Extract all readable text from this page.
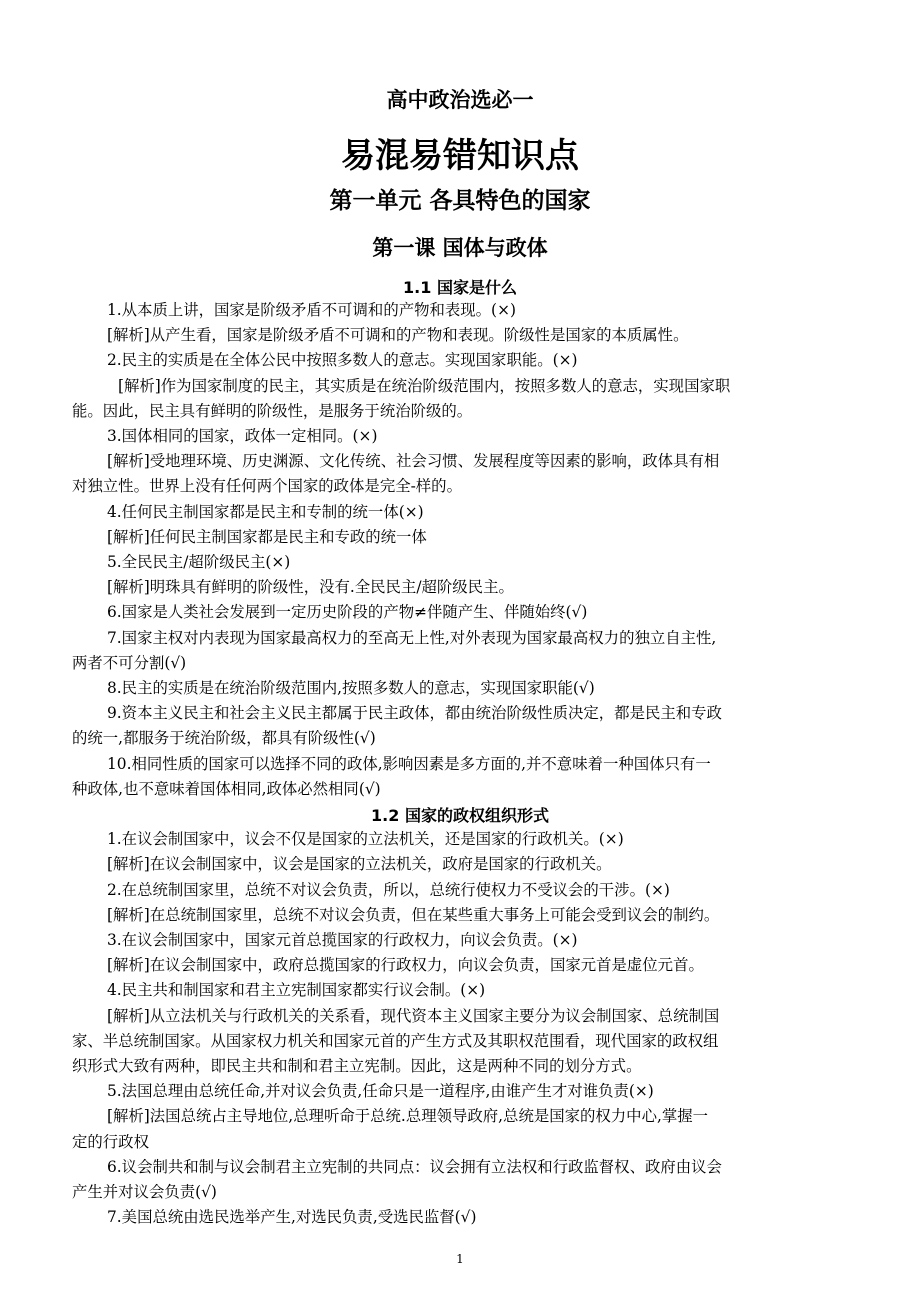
高中政治选必一
易混易错知识点
第一单元 各具特色的国家
第一课 国体与政体
1.1 国家是什么
1.从本质上讲，国家是阶级矛盾不可调和的产物和表现。(×)
[解析]从产生看，国家是阶级矛盾不可调和的产物和表现。阶级性是国家的本质属性。
2.民主的实质是在全体公民中按照多数人的意志。实现国家职能。(×)
[解析]作为国家制度的民主，其实质是在统治阶级范围内，按照多数人的意志，实现国家职
能。因此，民主具有鲜明的阶级性，是服务于统治阶级的。
3.国体相同的国家，政体一定相同。(×)
[解析]受地理环境、历史渊源、文化传统、社会习惯、发展程度等因素的影响，政体具有相
对独立性。世界上没有任何两个国家的政体是完全-样的。
4.任何民主制国家都是民主和专制的统一体(×)
[解析]任何民主制国家都是民主和专政的统一体
5.全民民主/超阶级民主(×)
[解析]明珠具有鲜明的阶级性，没有.全民民主/超阶级民主。
6.国家是人类社会发展到一定历史阶段的产物≠伴随产生、伴随始终(√)
7.国家主权对内表现为国家最高权力的至高无上性,对外表现为国家最高权力的独立自主性,
两者不可分割(√)
8.民主的实质是在统治阶级范围内,按照多数人的意志，实现国家职能(√)
9.资本主义民主和社会主义民主都属于民主政体，都由统治阶级性质决定，都是民主和专政
的统一,都服务于统治阶级，都具有阶级性(√)
10.相同性质的国家可以选择不同的政体,影响因素是多方面的,并不意味着一种国体只有一
种政体,也不意味着国体相同,政体必然相同(√)
1.2 国家的政权组织形式
1.在议会制国家中，议会不仅是国家的立法机关，还是国家的行政机关。(×)
[解析]在议会制国家中，议会是国家的立法机关，政府是国家的行政机关。
2.在总统制国家里，总统不对议会负责，所以，总统行使权力不受议会的干涉。(×)
[解析]在总统制国家里，总统不对议会负责，但在某些重大事务上可能会受到议会的制约。
3.在议会制国家中，国家元首总揽国家的行政权力，向议会负责。(×)
[解析]在议会制国家中，政府总揽国家的行政权力，向议会负责，国家元首是虚位元首。
4.民主共和制国家和君主立宪制国家都实行议会制。(×)
[解析]从立法机关与行政机关的关系看，现代资本主义国家主要分为议会制国家、总统制国
家、半总统制国家。从国家权力机关和国家元首的产生方式及其职权范围看，现代国家的政权组
织形式大致有两种，即民主共和制和君主立宪制。因此，这是两种不同的划分方式。
5.法国总理由总统任命,并对议会负责,任命只是一道程序,由谁产生才对谁负责(×)
[解析]法国总统占主导地位,总理听命于总统.总理领导政府,总统是国家的权力中心,掌握一
定的行政权
6.议会制共和制与议会制君主立宪制的共同点：议会拥有立法权和行政监督权、政府由议会
产生并对议会负责(√)
7.美国总统由选民选举产生,对选民负责,受选民监督(√)
1
